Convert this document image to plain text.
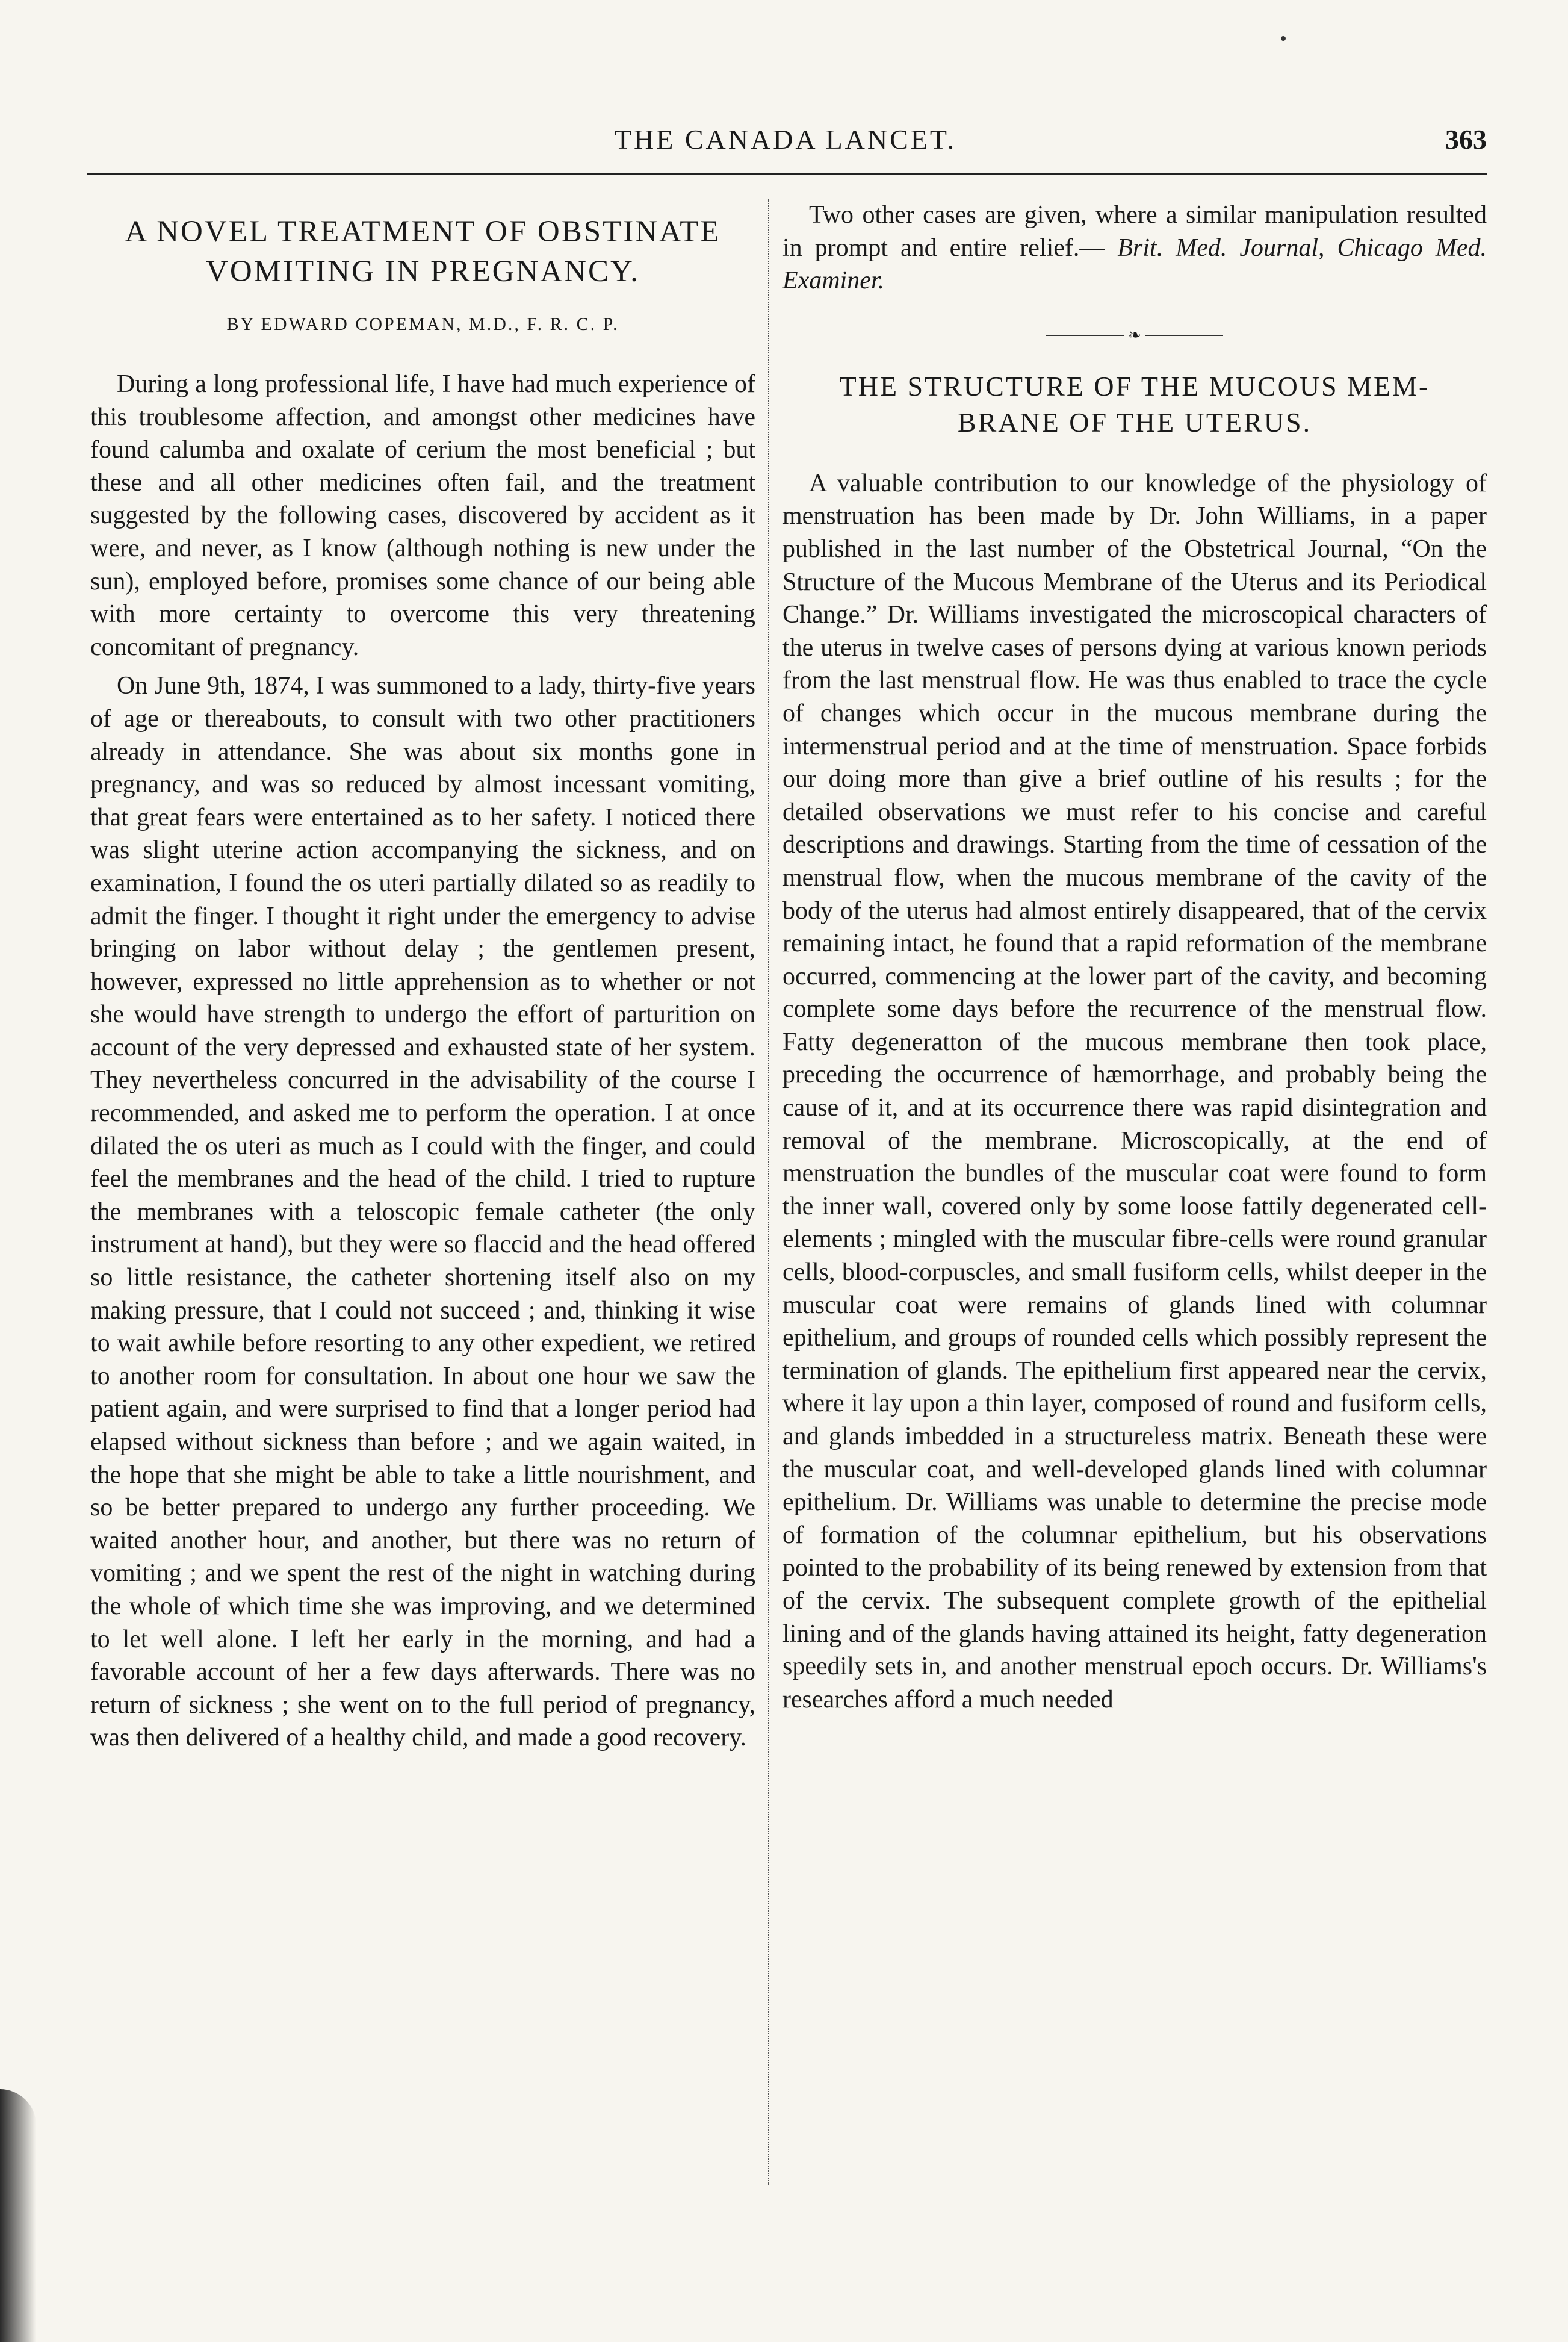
THE CANADA LANCET.	363
A NOVEL TREATMENT OF OBSTINATE
VOMITING IN PREGNANCY.
BY EDWARD COPEMAN, M.D., F. R. C. P.

During a long professional life, I have had much experience of this troublesome affection, and amongst other medicines have found calumba and oxalate of cerium the most beneficial ; but these and all other medicines often fail, and the treatment suggested by the following cases, discovered by accident as it were, and never, as I know (although nothing is new under the sun), employed before, promises some chance of our being able with more certainty to overcome this very threatening concomitant of pregnancy.

On June 9th, 1874, I was summoned to a lady, thirty-five years of age or thereabouts, to consult with two other practitioners already in attendance. She was about six months gone in pregnancy, and was so reduced by almost incessant vomiting, that great fears were entertained as to her safety. I noticed there was slight uterine action accompanying the sickness, and on examination, I found the os uteri partially dilated so as readily to admit the finger. I thought it right under the emergency to advise bringing on labor without delay ; the gentlemen present, however, expressed no little apprehension as to whether or not she would have strength to undergo the effort of parturition on account of the very depressed and exhausted state of her system. They nevertheless concurred in the advisability of the course I recommended, and asked me to perform the operation. I at once dilated the os uteri as much as I could with the finger, and could feel the membranes and the head of the child. I tried to rupture the membranes with a teloscopic female catheter (the only instrument at hand), but they were so flaccid and the head offered so little resistance, the catheter shortening itself also on my making pressure, that I could not succeed ; and, thinking it wise to wait awhile before resorting to any other expedient, we retired to another room for consultation. In about one hour we saw the patient again, and were surprised to find that a longer period had elapsed without sickness than before ; and we again waited, in the hope that she might be able to take a little nourishment, and so be better prepared to undergo any further proceeding. We waited another hour, and another, but there was no return of vomiting ; and we spent the rest of the night in watching during the whole of which time she was improving, and we determined to let well alone. I left her early in the morning, and had a favorable account of her a few days afterwards. There was no return of sickness ; she went on to the full period of pregnancy, was then delivered of a healthy child, and made a good recovery.

Two other cases are given, where a similar manipulation resulted in prompt and entire relief.— Brit. Med. Journal, Chicago Med. Examiner.

❧
THE STRUCTURE OF THE MUCOUS MEM-
BRANE OF THE UTERUS.

A valuable contribution to our knowledge of the physiology of menstruation has been made by Dr. John Williams, in a paper published in the last number of the Obstetrical Journal, “On the Structure of the Mucous Membrane of the Uterus and its Periodical Change.” Dr. Williams investigated the microscopical characters of the uterus in twelve cases of persons dying at various known periods from the last menstrual flow. He was thus enabled to trace the cycle of changes which occur in the mucous membrane during the intermenstrual period and at the time of menstruation. Space forbids our doing more than give a brief outline of his results ; for the detailed observations we must refer to his concise and careful descriptions and drawings. Starting from the time of cessation of the menstrual flow, when the mucous membrane of the cavity of the body of the uterus had almost entirely disappeared, that of the cervix remaining intact, he found that a rapid reformation of the membrane occurred, commencing at the lower part of the cavity, and becoming complete some days before the recurrence of the menstrual flow. Fatty degeneratton of the mucous membrane then took place, preceding the occurrence of hæmorrhage, and probably being the cause of it, and at its occurrence there was rapid disintegration and removal of the membrane. Microscopically, at the end of menstruation the bundles of the muscular coat were found to form the inner wall, covered only by some loose fattily degenerated cell-elements ; mingled with the muscular fibre-cells were round granular cells, blood-corpuscles, and small fusiform cells, whilst deeper in the muscular coat were remains of glands lined with columnar epithelium, and groups of rounded cells which possibly represent the termination of glands. The epithelium first appeared near the cervix, where it lay upon a thin layer, composed of round and fusiform cells, and glands imbedded in a structureless matrix. Beneath these were the muscular coat, and well-developed glands lined with columnar epithelium. Dr. Williams was unable to determine the precise mode of formation of the columnar epithelium, but his observations pointed to the probability of its being renewed by extension from that of the cervix. The subsequent complete growth of the epithelial lining and of the glands having attained its height, fatty degeneration speedily sets in, and another menstrual epoch occurs. Dr. Williams's researches afford a much needed
